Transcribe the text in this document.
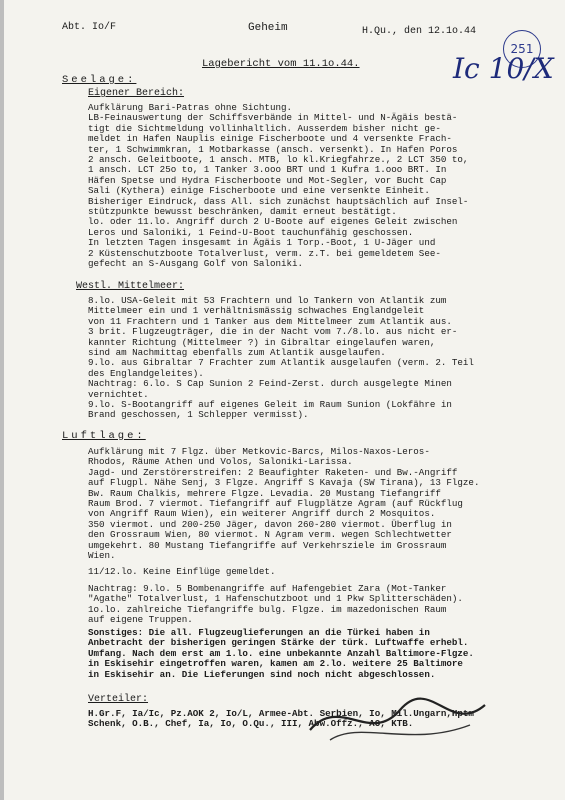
Abt. Io/F	Geheim	H.Qu., den 12.1o.44
251
Ic 10/X
Lagebericht vom 11.1o.44.
Seelage:
Eigener Bereich:
Aufklärung Bari-Patras ohne Sichtung.
LB-Feinauswertung der Schiffsverbände in Mittel- und N-Ägäis bestä-
tigt die Sichtmeldung vollinhaltlich. Ausserdem bisher nicht ge-
meldet in Hafen Nauplis einige Fischerboote und 4 versenkte Frach-
ter, 1 Schwimmkran, 1 Motbarkasse (ansch. versenkt). In Hafen Poros
2 ansch. Geleitboote, 1 ansch. MTB, lo kl.Kriegfahrze., 2 LCT 350 to,
1 ansch. LCT 25o to, 1 Tanker 3.ooo BRT und 1 Kufra 1.ooo BRT. In
Häfen Spetse und Hydra Fischerboote und Mot-Segler, vor Bucht Cap
Sali (Kythera) einige Fischerboote und eine versenkte Einheit.
Bisheriger Eindruck, dass All. sich zunächst hauptsächlich auf Insel-
stützpunkte bewusst beschränken, damit erneut bestätigt.
lo. oder 11.lo. Angriff durch 2 U-Boote auf eigenes Geleit zwischen
Leros und Saloniki, 1 Feind-U-Boot tauchunfähig geschossen.
In letzten Tagen insgesamt in Ägäis 1 Torp.-Boot, 1 U-Jäger und
2 Küstenschutzboote Totalverlust, verm. z.T. bei gemeldetem See-
gefecht an S-Ausgang Golf von Saloniki.
Westl. Mittelmeer:
8.lo. USA-Geleit mit 53 Frachtern und lo Tankern von Atlantik zum
Mittelmeer ein und 1 verhältnismässig schwaches Englandgeleit
von 11 Frachtern und 1 Tanker aus dem Mittelmeer zum Atlantik aus.
3 brit. Flugzeugträger, die in der Nacht vom 7./8.lo. aus nicht er-
kannter Richtung (Mittelmeer ?) in Gibraltar eingelaufen waren,
sind am Nachmittag ebenfalls zum Atlantik ausgelaufen.
9.lo. aus Gibraltar 7 Frachter zum Atlantik ausgelaufen (verm. 2. Teil
des Englandgeleites).
Nachtrag: 6.lo. S Cap Sunion 2 Feind-Zerst. durch ausgelegte Minen
vernichtet.
9.lo. S-Bootangriff auf eigenes Geleit im Raum Sunion (Lokfähre in
Brand geschossen, 1 Schlepper vermisst).
Luftlage:
Aufklärung mit 7 Flgz. über Metkovic-Barcs, Milos-Naxos-Leros-
Rhodos, Räume Athen und Volos, Saloniki-Larissa.
Jagd- und Zerstörerstreifen: 2 Beaufighter Raketen- und Bw.-Angriff
auf Flugpl. Nähe Senj, 3 Flgze. Angriff S Kavaja (SW Tirana), 13 Flgze.
Bw. Raum Chalkis, mehrere Flgze. Levadia. 20 Mustang Tiefangriff
Raum Brod. 7 viermot. Tiefangriff auf Flugplätze Agram (auf Rückflug
von Angriff Raum Wien), ein weiterer Angriff durch 2 Mosquitos.
350 viermot. und 200-250 Jäger, davon 260-280 viermot. Überflug in
den Grossraum Wien, 80 viermot. N Agram verm. wegen Schlechtwetter
umgekehrt. 80 Mustang Tiefangriffe auf Verkehrsziele im Grossraum
Wien.
11/12.lo. Keine Einflüge gemeldet.
Nachtrag: 9.lo. 5 Bombenangriffe auf Hafengebiet Zara (Mot-Tanker
"Agathe" Totalverlust, 1 Hafenschutzboot und 1 Pkw Splitterschäden).
1o.lo. zahlreiche Tiefangriffe bulg. Flgze. im mazedonischen Raum
auf eigene Truppen.
Sonstiges: Die all. Flugzeuglieferungen an die Türkei haben in
Anbetracht der bisherigen geringen Stärke der türk. Luftwaffe erhebl.
Umfang. Nach dem erst am 1.lo. eine unbekannte Anzahl Baltimore-Flgze.
in Eskisehir eingetroffen waren, kamen am 2.lo. weitere 25 Baltimore
in Eskisehir an. Die Lieferungen sind noch nicht abgeschlossen.
Verteiler:
H.Gr.F, Ia/Ic, Pz.AOK 2, Io/L, Armee-Abt. Serbien, Io, Mil.Ungarn,Hptm
Schenk, O.B., Chef, Ia, Io, O.Qu., III, Abw.Offz., AO, KTB.
